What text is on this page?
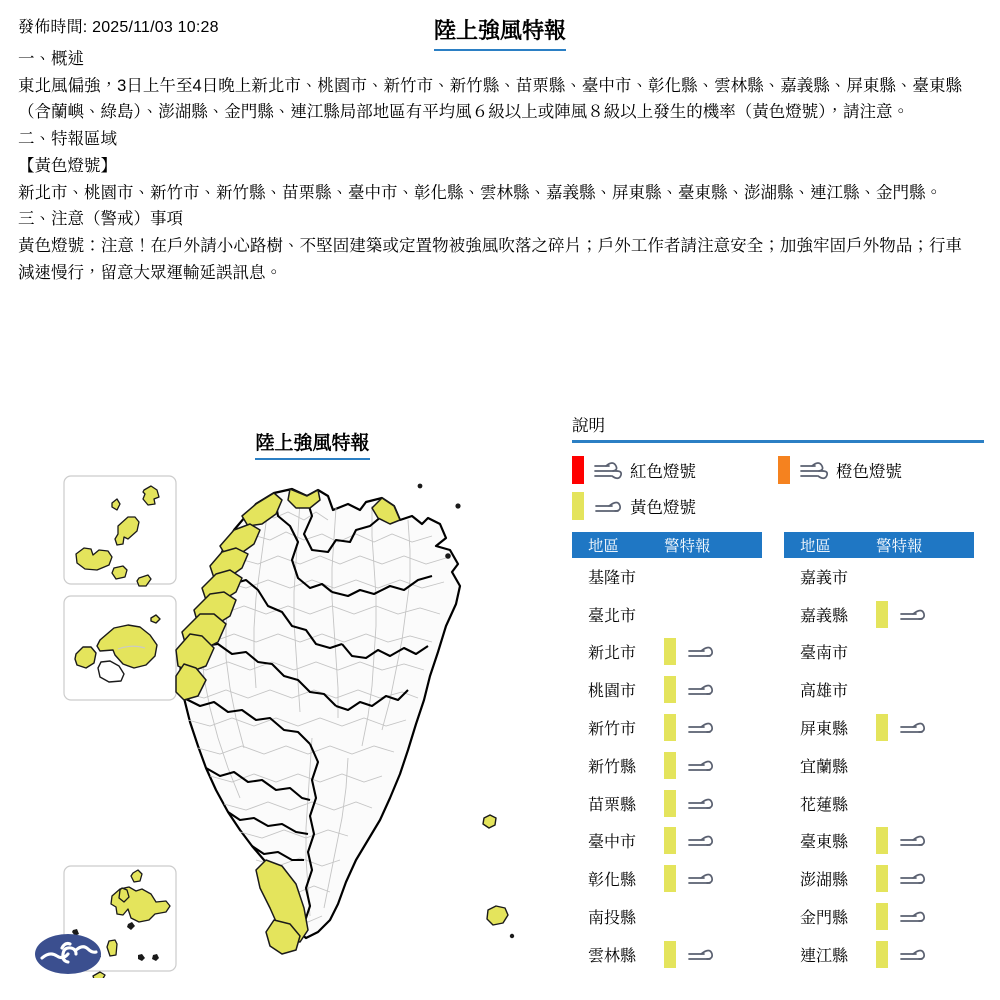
發佈時間: 2025/11/03 10:28	陸上強風特報
一、概述
東北風偏強，3日上午至4日晚上新北市、桃園市、新竹市、新竹縣、苗栗縣、臺中市、彰化縣、雲林縣、嘉義縣、屏東縣、臺東縣（含蘭嶼、綠島）、澎湖縣、金門縣、連江縣局部地區有平均風６級以上或陣風８級以上發生的機率（黃色燈號），請注意。
二、特報區域
【黃色燈號】
新北市、桃園市、新竹市、新竹縣、苗栗縣、臺中市、彰化縣、雲林縣、嘉義縣、屏東縣、臺東縣、澎湖縣、連江縣、金門縣。
三、注意（警戒）事項
黃色燈號：注意！在戶外請小心路樹、不堅固建築或定置物被強風吹落之碎片；戶外工作者請注意安全；加強牢固戶外物品；行車減速慢行，留意大眾運輸延誤訊息。
陸上強風特報
說明
紅色燈號	橙色燈號
黃色燈號
地區	警特報
基隆市
臺北市
新北市
桃園市
新竹市
新竹縣
苗栗縣
臺中市
彰化縣
南投縣
雲林縣
地區	警特報
嘉義市
嘉義縣
臺南市
高雄市
屏東縣
宜蘭縣
花蓮縣
臺東縣
澎湖縣
金門縣
連江縣
